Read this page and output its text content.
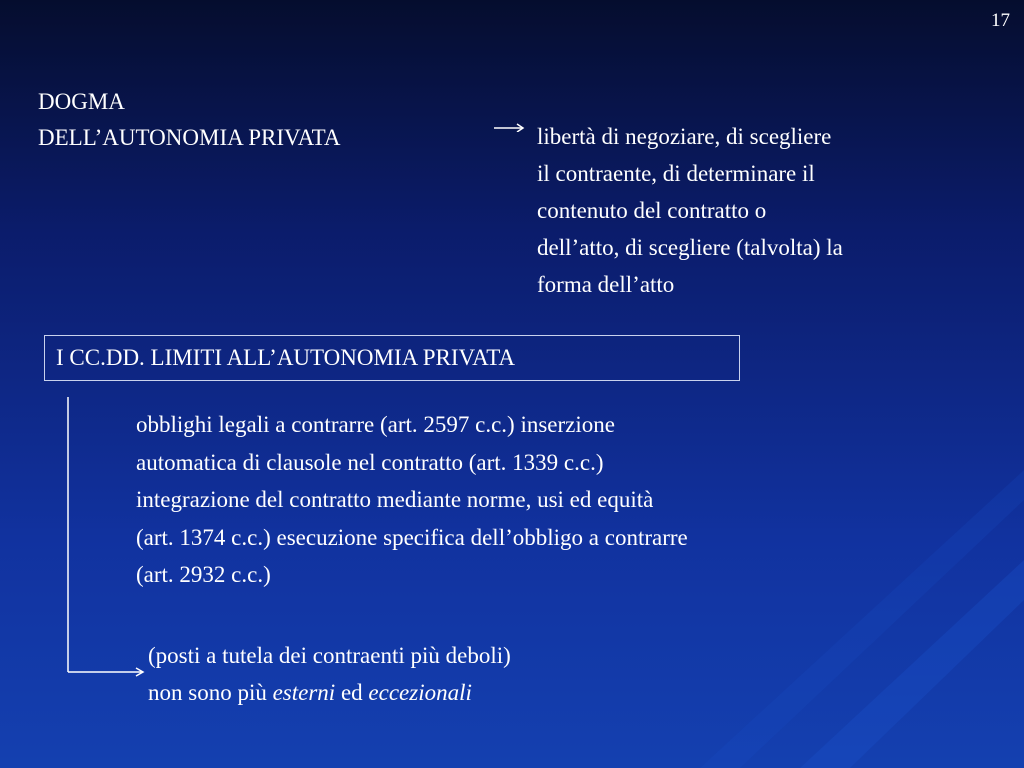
17
DOGMA
DELL’AUTONOMIA PRIVATA	libertà di negoziare, di scegliere
il contraente, di determinare il
contenuto del contratto o
dell’atto, di scegliere (talvolta) la
forma dell’atto
I CC.DD. LIMITI ALL’AUTONOMIA PRIVATA
obblighi legali a contrarre (art. 2597 c.c.) inserzione
automatica di clausole nel contratto (art. 1339 c.c.)
integrazione del contratto mediante norme, usi ed equità
(art. 1374 c.c.) esecuzione specifica dell’obbligo a contrarre
(art. 2932 c.c.)
(posti a tutela dei contraenti più deboli)
non sono più esterni ed eccezionali
